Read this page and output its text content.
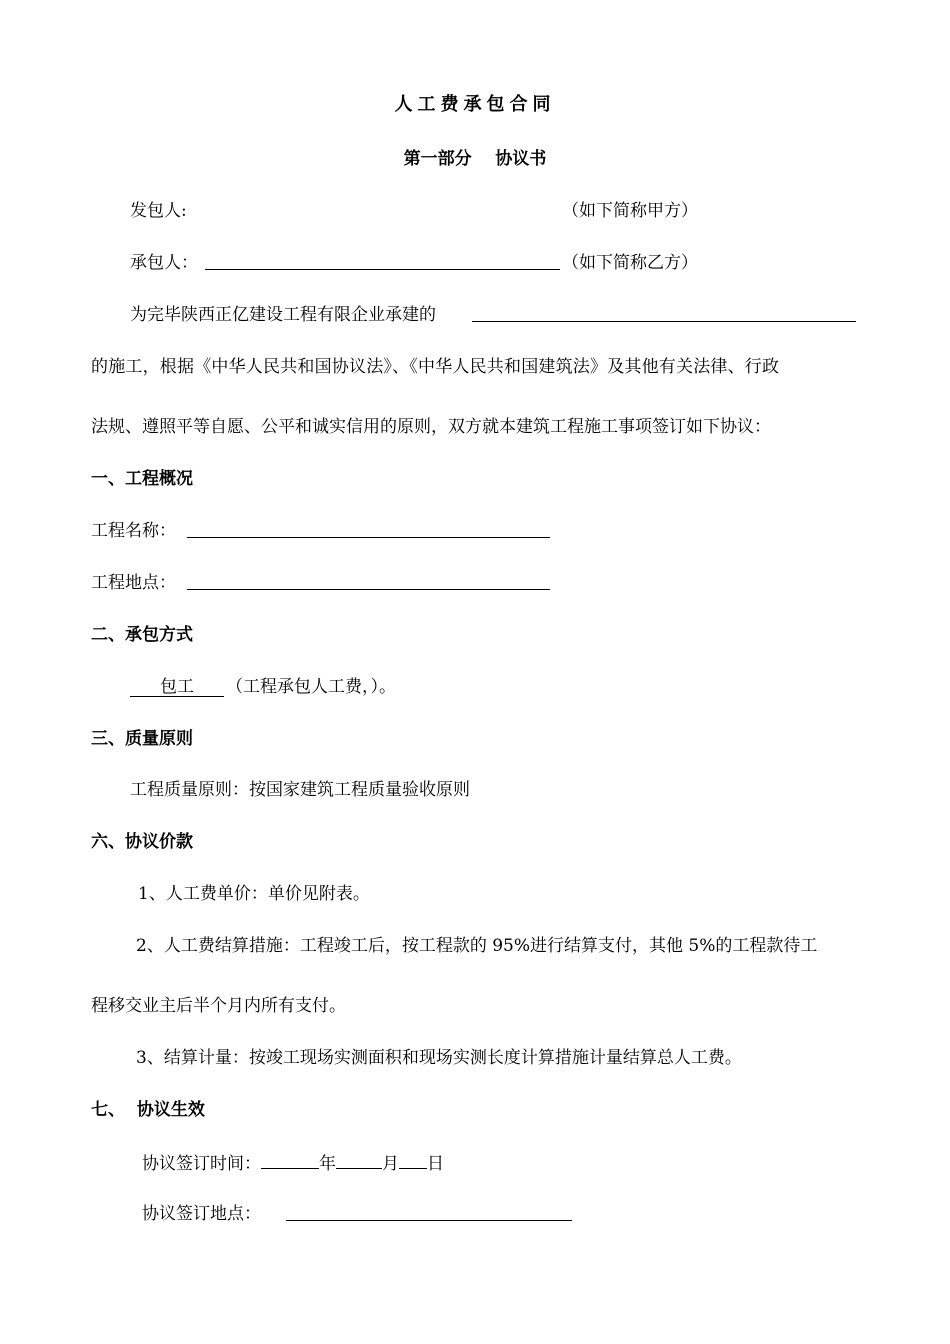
人工费承包合同
第一部分    协议书
发包人:	（如下简称甲方）
承包人：	（如下简称乙方）
为完毕陕西正亿建设工程有限企业承建的
的施工，根据《中华人民共和国协议法》、《中华人民共和国建筑法》及其他有关法律、行政
法规、遵照平等自愿、公平和诚实信用的原则，双方就本建筑工程施工事项签订如下协议：
一、工程概况
工程名称：
工程地点：
二、承包方式
包工	（工程承包人工费，）。
三、质量原则
工程质量原则：按国家建筑工程质量验收原则
六、协议价款
1、人工费单价：单价见附表。
2、人工费结算措施：工程竣工后，按工程款的 95%进行结算支付，其他 5%的工程款待工
程移交业主后半个月内所有支付。
3、结算计量：按竣工现场实测面积和现场实测长度计算措施计量结算总人工费。
七、  协议生效
协议签订时间：	年	月 日
协议签订地点：
